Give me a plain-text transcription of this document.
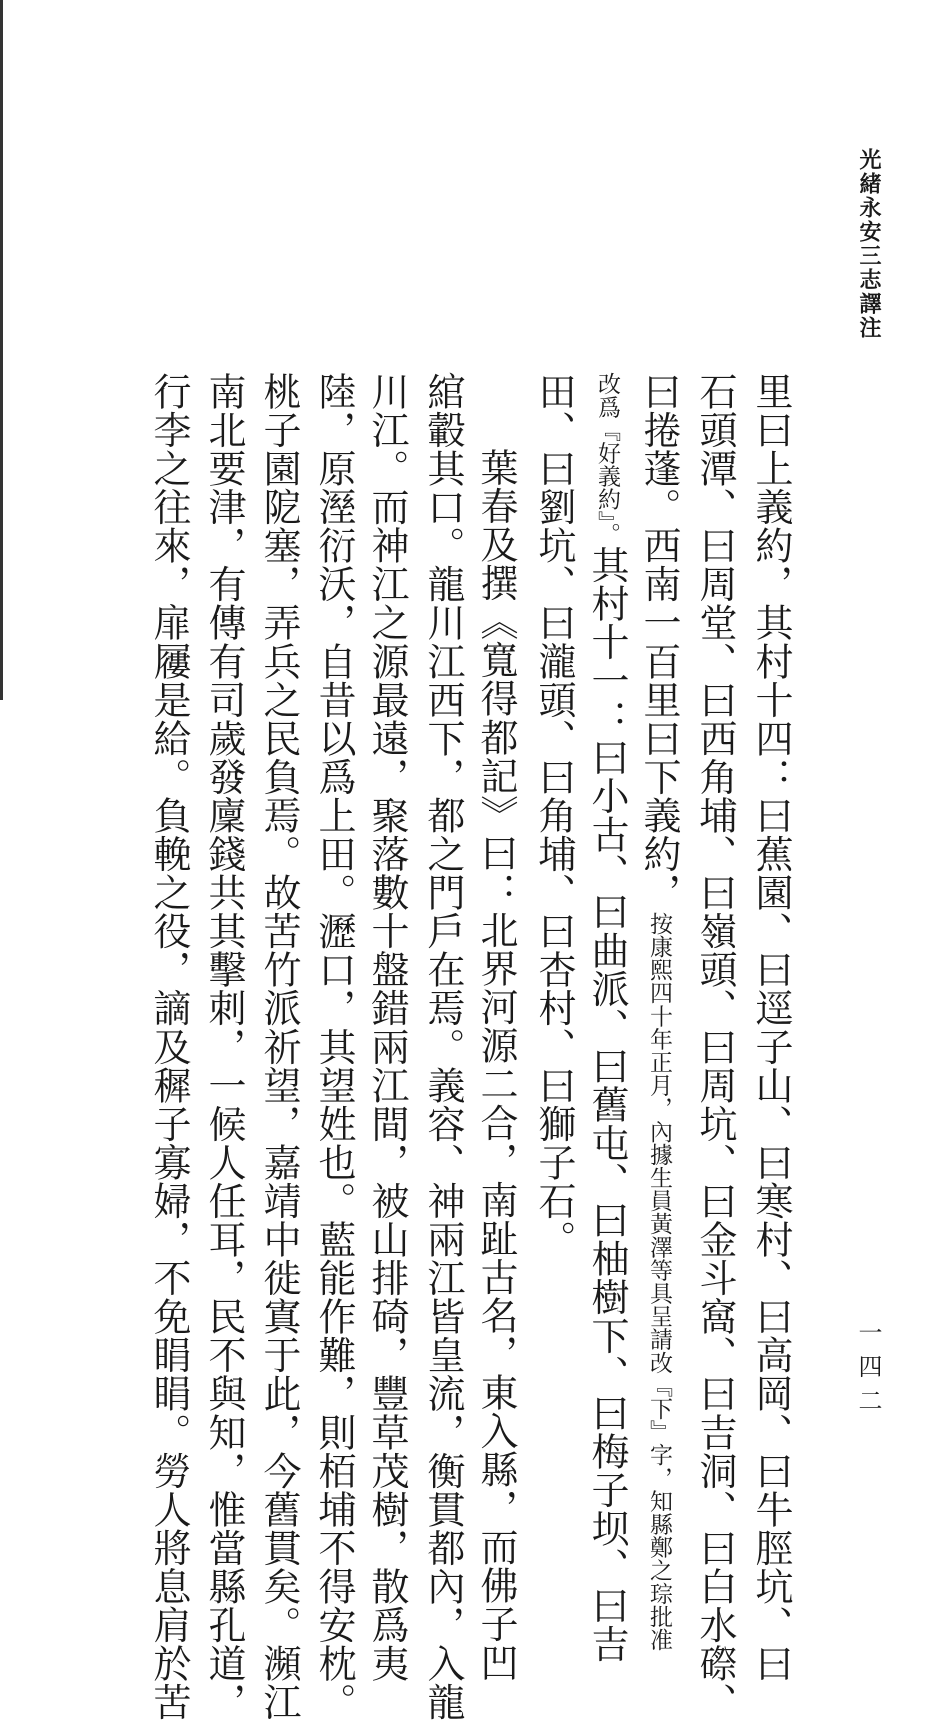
光緒永安三志譯注
一四二
里曰上義約，其村十四：曰蕉園、曰逕子山、曰寒村、曰高岡、曰牛脛坑、曰
石頭潭、曰周堂、曰西角埔、曰嶺頭、曰周坑、曰金斗窩、曰吉洞、曰白水磜、
曰捲蓬。西南一百里曰下義約，按康熙四十年正月，內據生員黃澤等具呈請改『下』字，知縣鄭之琮批准
改爲『好義約』。其村十一：曰小古、曰曲派、曰舊屯、曰柚樹下、曰梅子坝、曰吉
田、曰劉坑、曰瀧頭、曰角埔、曰杏村、曰獅子石。
葉春及撰《寬得都記》曰：北界河源二合，南趾古名，東入縣，而佛子凹
綰轂其口。龍川江西下，都之門戶在焉。義容、神兩江皆皇流，衡貫都內，入龍
川江。而神江之源最遠，聚落數十盤錯兩江間，被山排碕，豐草茂樹，散爲夷
陸，原溼衍沃，自昔以爲上田。瀝口，其望姓也。藍能作難，則栢埔不得安枕。
桃子園阸塞，弄兵之民負焉。故苦竹派祈望，嘉靖中徙寘于此，今舊貫矣。瀕江
南北要津，有傳有司歲發廩錢共其擊刺，一候人任耳，民不與知，惟當縣孔道，
行李之往來，扉屨是給。負輓之役，謫及穉子寡婦，不免睊睊。勞人將息肩於苦
